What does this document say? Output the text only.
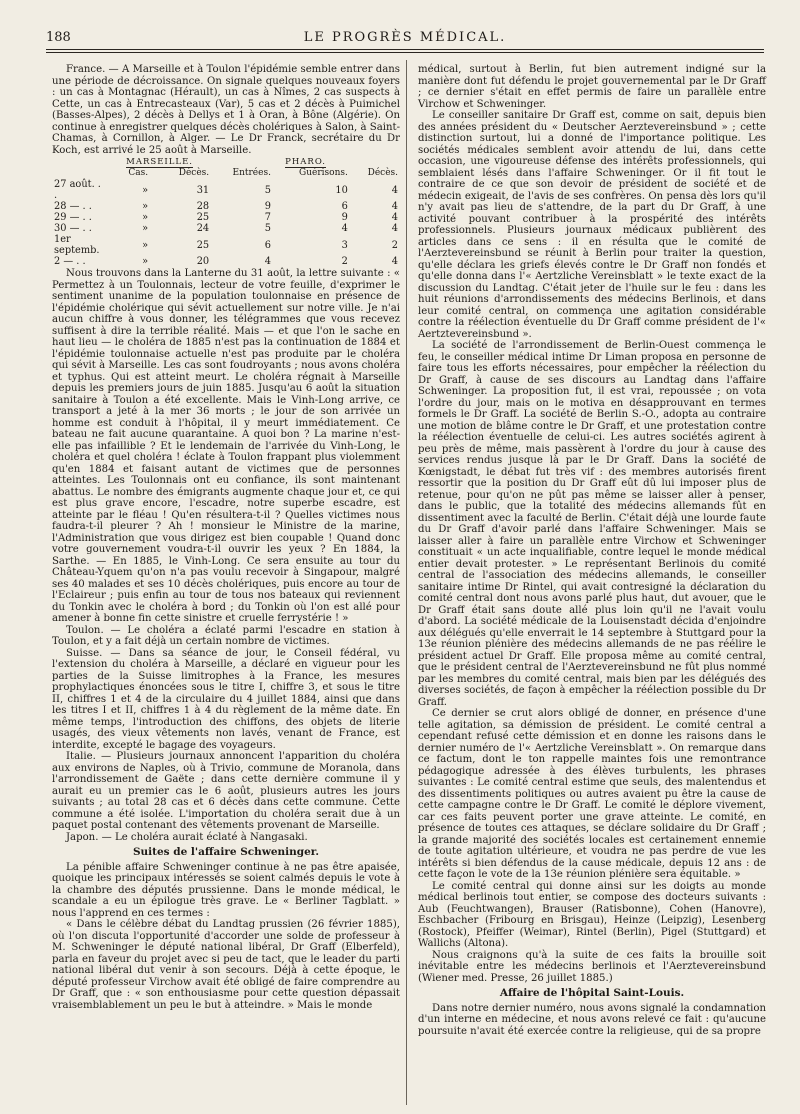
188	LE PROGRÈS MÉDICAL.

France. — A Marseille et à Toulon l'épidémie semble entrer dans une période de décroissance. On signale quelques nouveaux foyers : un cas à Montagnac (Hérault), un cas à Nîmes, 2 cas suspects à Cette, un cas à Entrecasteaux (Var), 5 cas et 2 décès à Puimichel (Basses-Alpes), 2 décès à Dellys et 1 à Oran, à Bône (Algérie). On continue à enregistrer quelques décès cholériques à Salon, à Saint-Chamas, à Cornillon, à Alger. — Le Dr Franck, secrétaire du Dr Koch, est arrivé le 25 août à Marseille.

	MARSEILLE.		PHARO.		
	Cas.	Décès.	Entrées.	Guérisons.	Décès.
27 août. . .	»	31	5	10	4
28 — . .	»	28	9	6	4
29 — . .	»	25	7	9	4
30 — . .	»	24	5	4	4
1er septemb.	»	25	6	3	2
2 — . .	»	20	4	2	4

Nous trouvons dans la Lanterne du 31 août, la lettre suivante : « Permettez à un Toulonnais, lecteur de votre feuille, d'exprimer le sentiment unanime de la population toulonnaise en présence de l'épidémie cholérique qui sévit actuellement sur notre ville. Je n'ai aucun chiffre à vous donner, les télégrammes que vous recevez suffisent à dire la terrible réalité. Mais — et que l'on le sache en haut lieu — le choléra de 1885 n'est pas la continuation de 1884 et l'épidémie toulonnaise actuelle n'est pas produite par le choléra qui sévit à Marseille. Les cas sont foudroyants ; nous avons choléra et typhus. Qui est atteint meurt. Le choléra régnait à Marseille depuis les premiers jours de juin 1885. Jusqu'au 6 août la situation sanitaire à Toulon a été excellente. Mais le Vinh-Long arrive, ce transport a jeté à la mer 36 morts ; le jour de son arrivée un homme est conduit à l'hôpital, il y meurt immédiatement. Ce bateau ne fait aucune quarantaine. A quoi bon ? La marine n'est-elle pas infaillible ? Et le lendemain de l'arrivée du Vinh-Long, le choléra et quel choléra ! éclate à Toulon frappant plus violemment qu'en 1884 et faisant autant de victimes que de personnes atteintes. Les Toulonnais ont eu confiance, ils sont maintenant abattus. Le nombre des émigrants augmente chaque jour et, ce qui est plus grave encore, l'escadre, notre superbe escadre, est atteinte par le fléau ! Qu'en résultera-t-il ? Quelles victimes nous faudra-t-il pleurer ? Ah ! monsieur le Ministre de la marine, l'Administration que vous dirigez est bien coupable ! Quand donc votre gouvernement voudra-t-il ouvrir les yeux ? En 1884, la Sarthe. — En 1885, le Vinh-Long. Ce sera ensuite au tour du Château-Yquem qu'on n'a pas voulu recevoir à Singapour, malgré ses 40 malades et ses 10 décès cholériques, puis encore au tour de l'Eclaireur ; puis enfin au tour de tous nos bateaux qui reviennent du Tonkin avec le choléra à bord ; du Tonkin où l'on est allé pour amener à bonne fin cette sinistre et cruelle ferrystérie ! »

Toulon. — Le choléra a éclaté parmi l'escadre en station à Toulon, et y a fait déjà un certain nombre de victimes.

Suisse. — Dans sa séance de jour, le Conseil fédéral, vu l'extension du choléra à Marseille, a déclaré en vigueur pour les parties de la Suisse limitrophes à la France, les mesures prophylactiques énoncées sous le titre I, chiffre 3, et sous le titre II, chiffres 1 et 4 de la circulaire du 4 juillet 1884, ainsi que dans les titres I et II, chiffres 1 à 4 du règlement de la même date. En même temps, l'introduction des chiffons, des objets de literie usagés, des vieux vêtements non lavés, venant de France, est interdite, excepté le bagage des voyageurs.

Italie. — Plusieurs journaux annoncent l'apparition du choléra aux environs de Naples, où à Trivio, commune de Moranola, dans l'arrondissement de Gaëte ; dans cette dernière commune il y aurait eu un premier cas le 6 août, plusieurs autres les jours suivants ; au total 28 cas et 6 décès dans cette commune. Cette commune a été isolée. L'importation du choléra serait due à un paquet postal contenant des vêtements provenant de Marseille.

Japon. — Le choléra aurait éclaté à Nangasaki.

Suites de l'affaire Schweninger.

La pénible affaire Schweninger continue à ne pas être apaisée, quoique les principaux intéressés se soient calmés depuis le vote à la chambre des députés prussienne. Dans le monde médical, le scandale a eu un épilogue très grave. Le « Berliner Tagblatt. » nous l'apprend en ces termes :

« Dans le célèbre débat du Landtag prussien (26 février 1885), où l'on discuta l'opportunité d'accorder une solde de professeur à M. Schweninger le député national libéral, Dr Graff (Elberfeld), parla en faveur du projet avec si peu de tact, que le leader du parti national libéral dut venir à son secours. Déjà à cette époque, le député professeur Virchow avait été obligé de faire comprendre au Dr Graff, que : « son enthousiasme pour cette question dépassait vraisemblablement un peu le but à atteindre. » Mais le monde

médical, surtout à Berlin, fut bien autrement indigné sur la manière dont fut défendu le projet gouvernemental par le Dr Graff ; ce dernier s'était en effet permis de faire un parallèle entre Virchow et Schweninger.

Le conseiller sanitaire Dr Graff est, comme on sait, depuis bien des années président du « Deutscher Aerztevereinsbund » ; cette distinction surtout, lui a donné de l'importance politique. Les sociétés médicales semblent avoir attendu de lui, dans cette occasion, une vigoureuse défense des intérêts professionnels, qui semblaient lésés dans l'affaire Schweninger. Or il fit tout le contraire de ce que son devoir de président de société et de médecin exigeait, de l'avis de ses confrères. On pensa dès lors qu'il n'y avait pas lieu de s'attendre, de la part du Dr Graff, à une activité pouvant contribuer à la prospérité des intérêts professionnels. Plusieurs journaux médicaux publièrent des articles dans ce sens : il en résulta que le comité de l'Aerztevereinsbund se réunit à Berlin pour traiter la question, qu'elle déclara les griefs élevés contre le Dr Graff non fondés et qu'elle donna dans l'« Aertzliche Vereinsblatt » le texte exact de la discussion du Landtag. C'était jeter de l'huile sur le feu : dans les huit réunions d'arrondissements des médecins Berlinois, et dans leur comité central, on commença une agitation considérable contre la réélection éventuelle du Dr Graff comme président de l'« Aertztevereinsbund ».

La société de l'arrondissement de Berlin-Ouest commença le feu, le conseiller médical intime Dr Liman proposa en personne de faire tous les efforts nécessaires, pour empêcher la réélection du Dr Graff, à cause de ses discours au Landtag dans l'affaire Schweninger. La proposition fut, il est vrai, repoussée ; on vota l'ordre du jour, mais on le motiva en désapprouvant en termes formels le Dr Graff. La société de Berlin S.-O., adopta au contraire une motion de blâme contre le Dr Graff, et une protestation contre la réélection éventuelle de celui-ci. Les autres sociétés agirent à peu près de même, mais passèrent à l'ordre du jour à cause des services rendus jusque là par le Dr Graff. Dans la société de Kœnigstadt, le débat fut très vif : des membres autorisés firent ressortir que la position du Dr Graff eût dû lui imposer plus de retenue, pour qu'on ne pût pas même se laisser aller à penser, dans le public, que la totalité des médecins allemands fût en dissentiment avec la faculté de Berlin. C'était déjà une lourde faute du Dr Graff d'avoir parlé dans l'affaire Schweninger. Mais se laisser aller à faire un parallèle entre Virchow et Schweninger constituait « un acte inqualifiable, contre lequel le monde médical entier devait protester. » Le représentant Berlinois du comité central de l'association des médecins allemands, le conseiller sanitaire intime Dr Rintel, qui avait contresigné la déclaration du comité central dont nous avons parlé plus haut, dut avouer, que le Dr Graff était sans doute allé plus loin qu'il ne l'avait voulu d'abord. La société médicale de la Louisenstadt décida d'enjoindre aux délégués qu'elle enverrait le 14 septembre à Stuttgard pour la 13e réunion plénière des médecins allemands de ne pas réélire le président actuel Dr Graff. Elle proposa même au comité central, que le président central de l'Aerztevereinsbund ne fût plus nommé par les membres du comité central, mais bien par les délégués des diverses sociétés, de façon à empêcher la réélection possible du Dr Graff.

Ce dernier se crut alors obligé de donner, en présence d'une telle agitation, sa démission de président. Le comité central a cependant refusé cette démission et en donne les raisons dans le dernier numéro de l'« Aertzliche Vereinsblatt ». On remarque dans ce factum, dont le ton rappelle maintes fois une remontrance pédagogique adressée à des élèves turbulents, les phrases suivantes : Le comité central estime que seuls, des malentendus et des dissentiments politiques ou autres avaient pu être la cause de cette campagne contre le Dr Graff. Le comité le déplore vivement, car ces faits peuvent porter une grave atteinte. Le comité, en présence de toutes ces attaques, se déclare solidaire du Dr Graff ; la grande majorité des sociétés locales est certainement ennemie de toute agitation ultérieure, et voudra ne pas perdre de vue les intérêts si bien défendus de la cause médicale, depuis 12 ans : de cette façon le vote de la 13e réunion plénière sera équitable. »

Le comité central qui donne ainsi sur les doigts au monde médical berlinois tout entier, se compose des docteurs suivants : Aub (Feuchtwangen), Brauser (Ratisbonne), Cohen (Hanovre), Eschbacher (Fribourg en Brisgau), Heinze (Leipzig), Lesenberg (Rostock), Pfeiffer (Weimar), Rintel (Berlin), Pigel (Stuttgard) et Wallichs (Altona).

Nous craignons qu'à la suite de ces faits la brouille soit inévitable entre les médecins berlinois et l'Aerztevereinsbund (Wiener med. Presse, 26 juillet 1885.)

Affaire de l'hôpital Saint-Louis.

Dans notre dernier numéro, nous avons signalé la condamnation d'un interne en médecine, et nous avons relevé ce fait : qu'aucune poursuite n'avait été exercée contre la religieuse, qui de sa propre
